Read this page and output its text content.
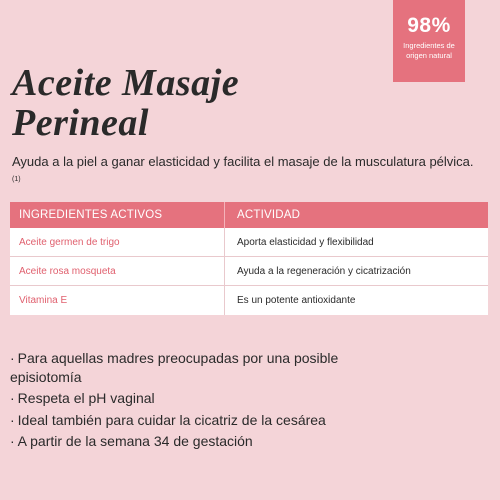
98%
Ingredientes de
origen natural
Aceite Masaje
Perineal

Ayuda a la piel a ganar elasticidad y facilita el masaje de la musculatura pélvica. $^{(1)}$

INGREDIENTES ACTIVOS	ACTIVIDAD
Aceite germen de trigo	Aporta elasticidad y flexibilidad
Aceite rosa mosqueta	Ayuda a la regeneración y cicatrización
Vitamina E	Es un potente antioxidante
· Para aquellas madres preocupadas por una posible episiotomía
· Respeta el pH vaginal
· Ideal también para cuidar la cicatriz de la cesárea
· A partir de la semana 34 de gestación
